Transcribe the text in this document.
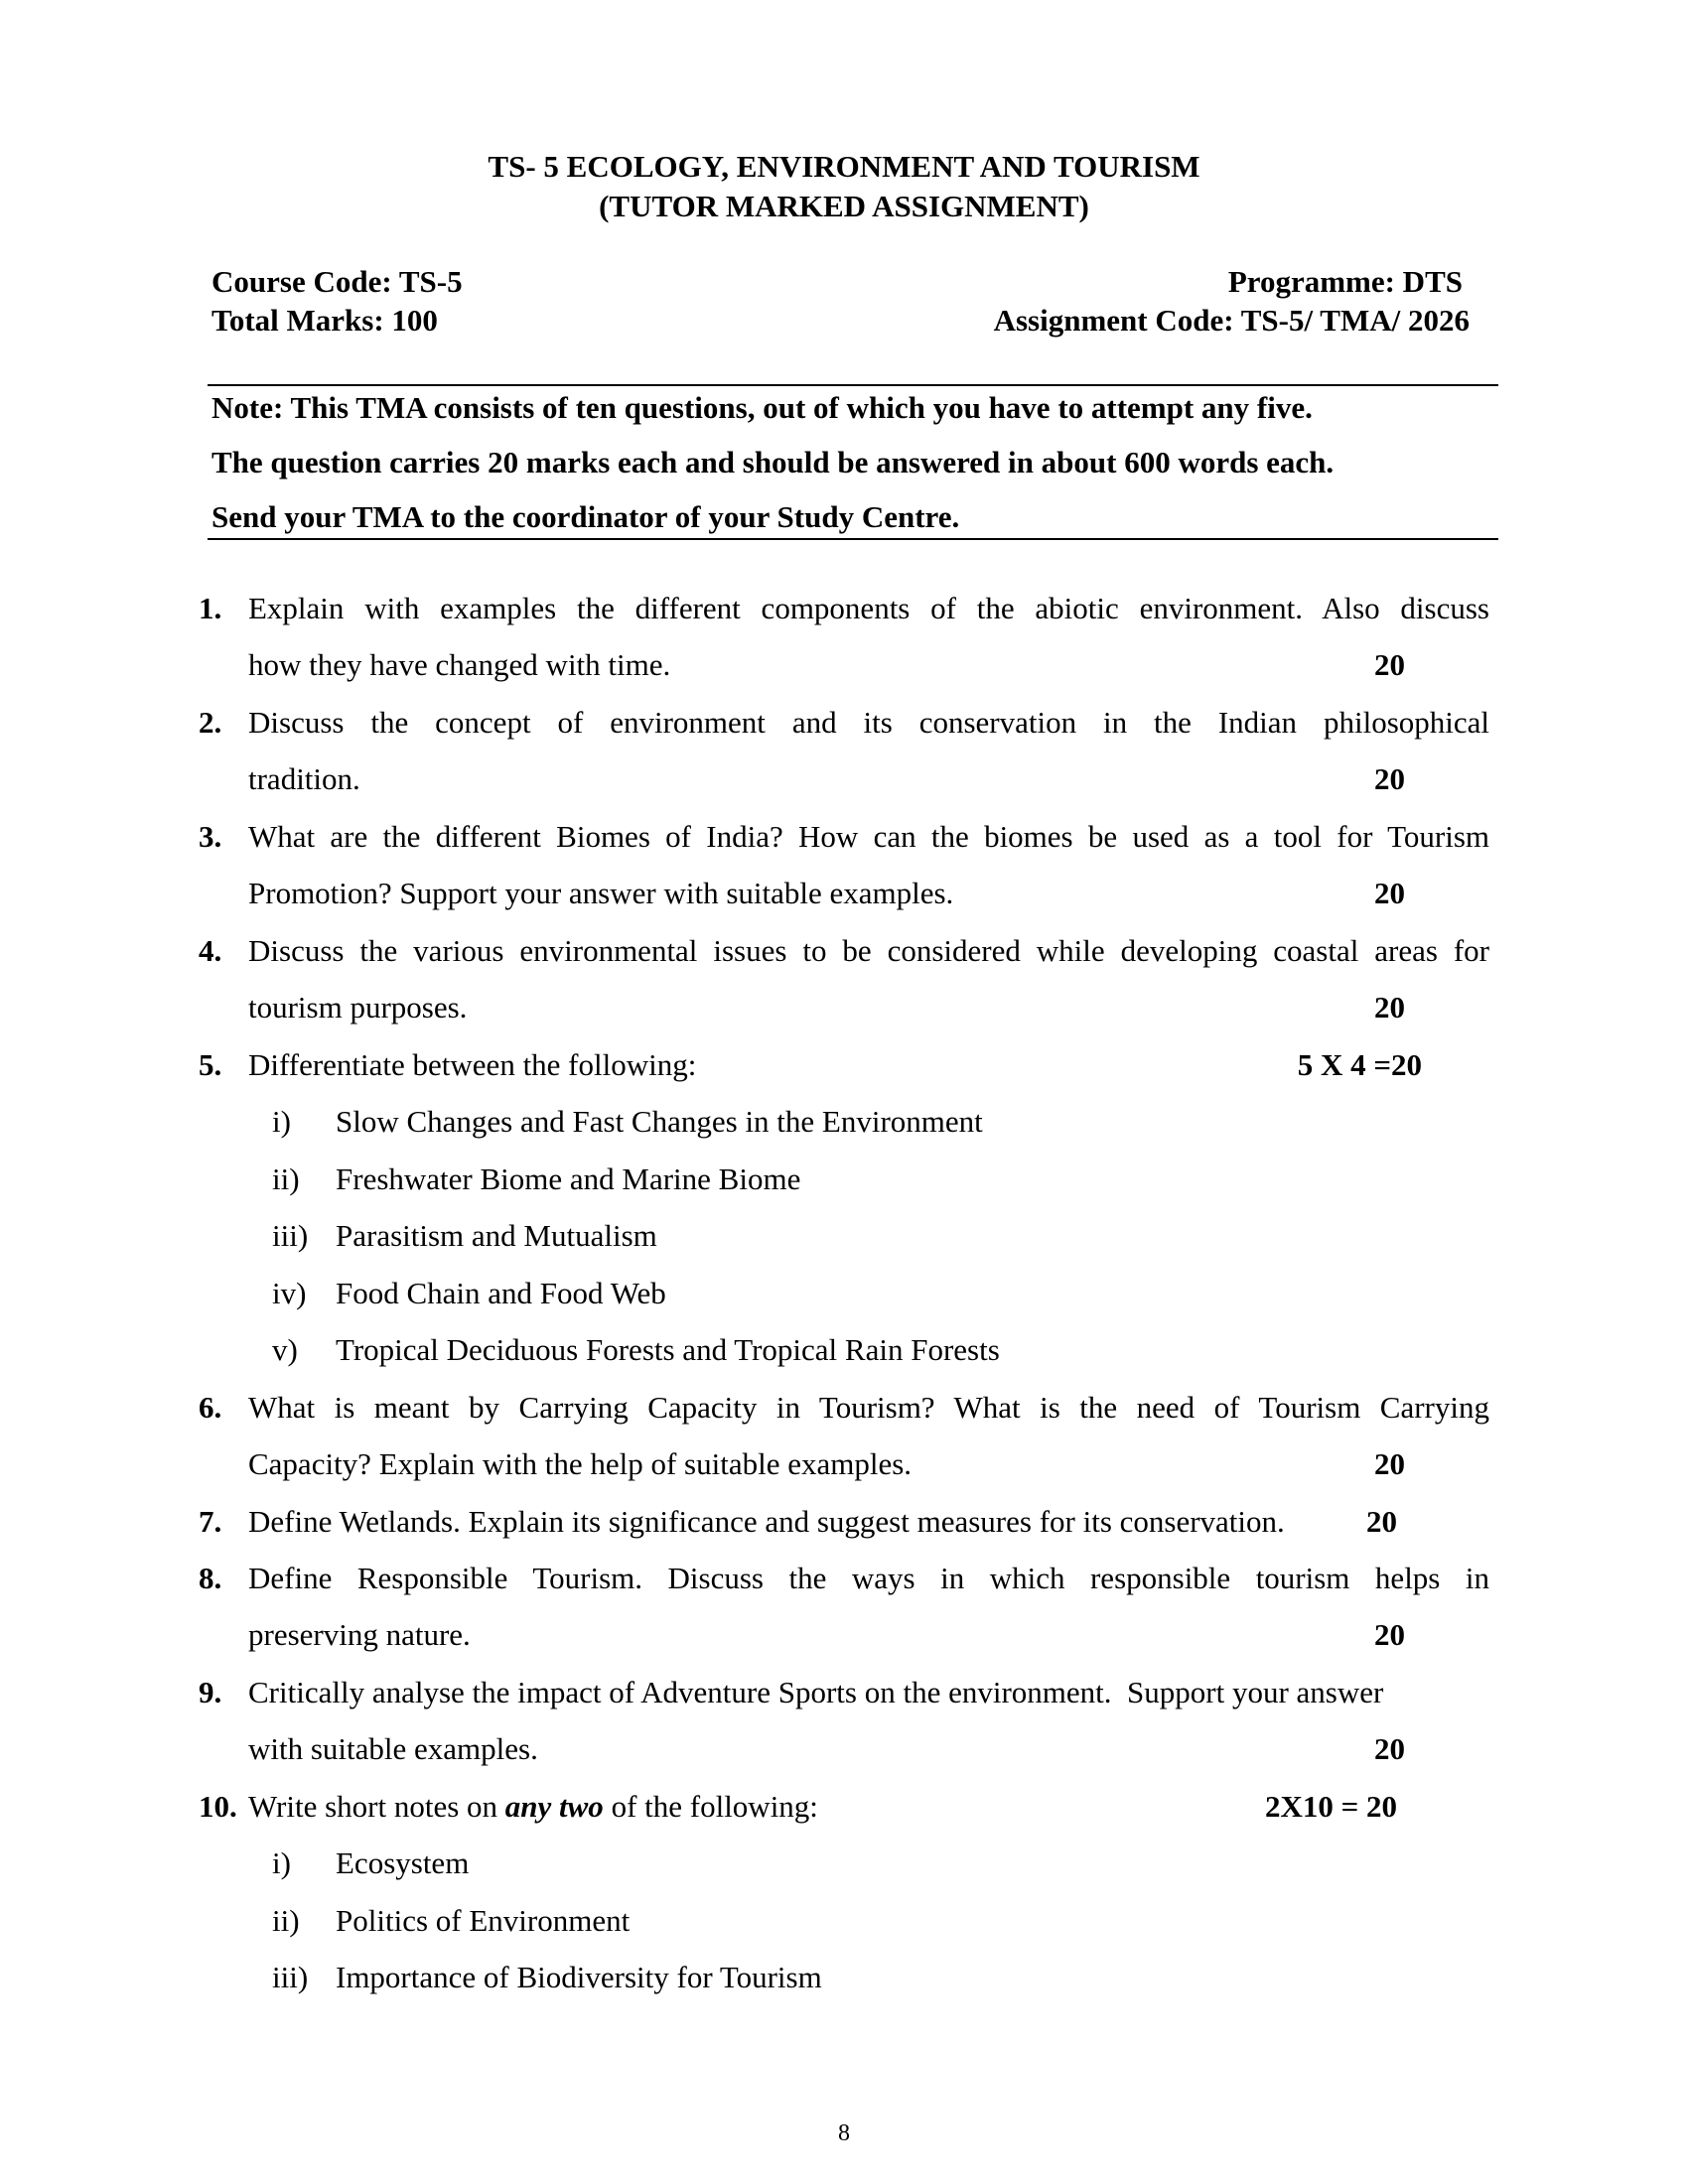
TS- 5 ECOLOGY, ENVIRONMENT AND TOURISM
(TUTOR MARKED ASSIGNMENT)
Course Code: TS-5	Programme: DTS
Total Marks: 100	Assignment Code: TS-5/ TMA/ 2026
Note: This TMA consists of ten questions, out of which you have to attempt any five.
The question carries 20 marks each and should be answered in about 600 words each.
Send your TMA to the coordinator of your Study Centre.
1. Explain with examples the different components of the abiotic environment. Also discuss
how they have changed with time.	20
2. Discuss the concept of environment and its conservation in the Indian philosophical
tradition.	20
3. What are the different Biomes of India? How can the biomes be used as a tool for Tourism
Promotion? Support your answer with suitable examples.	20
4. Discuss the various environmental issues to be considered while developing coastal areas for
tourism purposes.	20
5. Differentiate between the following:	5 X 4 =20
i) Slow Changes and Fast Changes in the Environment
ii) Freshwater Biome and Marine Biome
iii) Parasitism and Mutualism
iv) Food Chain and Food Web
v) Tropical Deciduous Forests and Tropical Rain Forests
6. What is meant by Carrying Capacity in Tourism? What is the need of Tourism Carrying
Capacity? Explain with the help of suitable examples.	20
7. Define Wetlands. Explain its significance and suggest measures for its conservation.	20
8. Define Responsible Tourism. Discuss the ways in which responsible tourism helps in
preserving nature.	20
9. Critically analyse the impact of Adventure Sports on the environment.  Support your answer
with suitable examples.	20
10. Write short notes on any two of the following:	2X10 = 20
i) Ecosystem
ii) Politics of Environment
iii) Importance of Biodiversity for Tourism
8
